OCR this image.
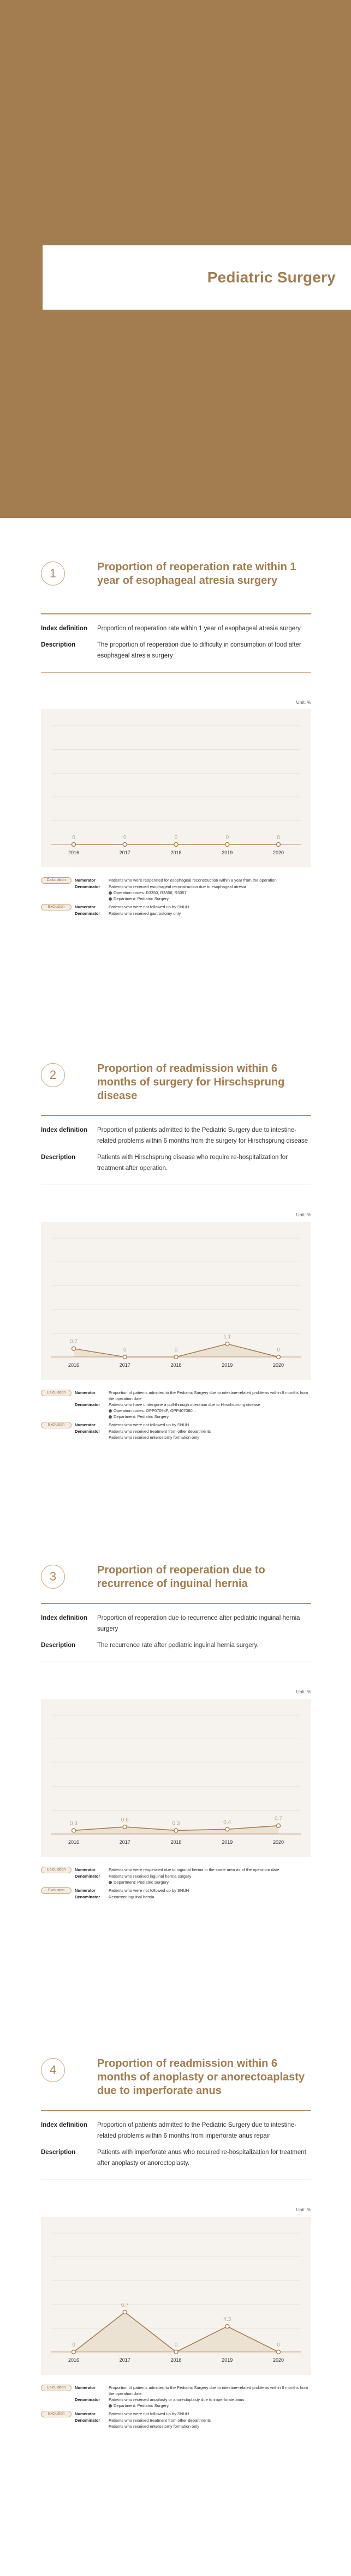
Pediatric Surgery
1	Proportion of reoperation rate within 1 year of esophageal atresia surgery
Index definition	Proportion of reoperation rate within 1 year of esophageal atresia surgery
Description	The proportion of reoperation due to difficulty in consumption of food after esophageal atresia surgery
Unit: %
0
2016
0
2017
0
2018
0
2019
0
2020
Calculation	Numerator	Patients who were reoperated for esophageal reconstruction within a year from the operation
Denominator	Patients who received esophageal reconstruction due to esophageal atresia
Operation codes: R3350, R3356, R3357
Department: Pediatric Surgery
Exclusion	Numerator	Patients who were not followed up by SNUH
Denominator	Patients who received gastrostomy only
2	Proportion of readmission within 6 months of surgery for Hirschsprung disease
Index definition	Proportion of patients admitted to the Pediatric Surgery due to intestine-related problems within 6 months from the surgery for Hirschsprung disease
Description	Patients with Hirschsprung disease who require re-hospitalization for treatment after operation.
Unit: %
0.7
2016
0
2017
0
2018
1.1
2019
0
2020
Calculation	Numerator	Proportion of patients admitted to the Pediatric Surgery due to intestine-related problems within 6 months from the operation date
Denominator	Patients who have undergone a pull-through operation due to Hirschsprung disease
Operation codes: OPP07094F, OPP407080...
Department: Pediatric Surgery
Exclusion	Numerator	Patients who were not followed up by SNUH
Denominator	Patients who received treatment from other departments
Patients who received enterostomy formation only
3	Proportion of reoperation due to recurrence of inguinal hernia
Index definition	Proportion of reoperation due to recurrence after pediatric inguinal hernia surgery
Description	The recurrence rate after pediatric inguinal hernia surgery.
Unit: %
0.3
2016
0.6
2017
0.3
2018
0.4
2019
0.7
2020
Calculation	Numerator	Patients who were reoperated due to inguinal hernia in the same area as of the operation date
Denominator	Patients who received inguinal hernia surgery
Department: Pediatric Surgery
Exclusion	Numerator	Patients who were not followed up by SNUH
Denominator	Recurrent inguinal hernia
4	Proportion of readmission within 6 months of anoplasty or anorectoaplasty due to imperforate anus
Index definition	Proportion of patients admitted to the Pediatric Surgery due to intestine-related problems within 6 months from imperforate anus repair
Description	Patients with imperforate anus who required re-hospitalization for treatment after anoplasty or anorectoplasty.
Unit: %
0
2016
6.7
2017
0
2018
4.3
2019
0
2020
Calculation	Numerator	Proportion of patients admitted to the Pediatric Surgery due to intestine-related problems within 6 months from the operation date
Denominator	Patients who received anoplasty or anorectoplasty due to imperforate anus
Department: Pediatric Surgery
Exclusion	Numerator	Patients who were not followed up by SNUH
Denominator	Patients who received treatment from other departments
Patients who received enterostomy formation only
